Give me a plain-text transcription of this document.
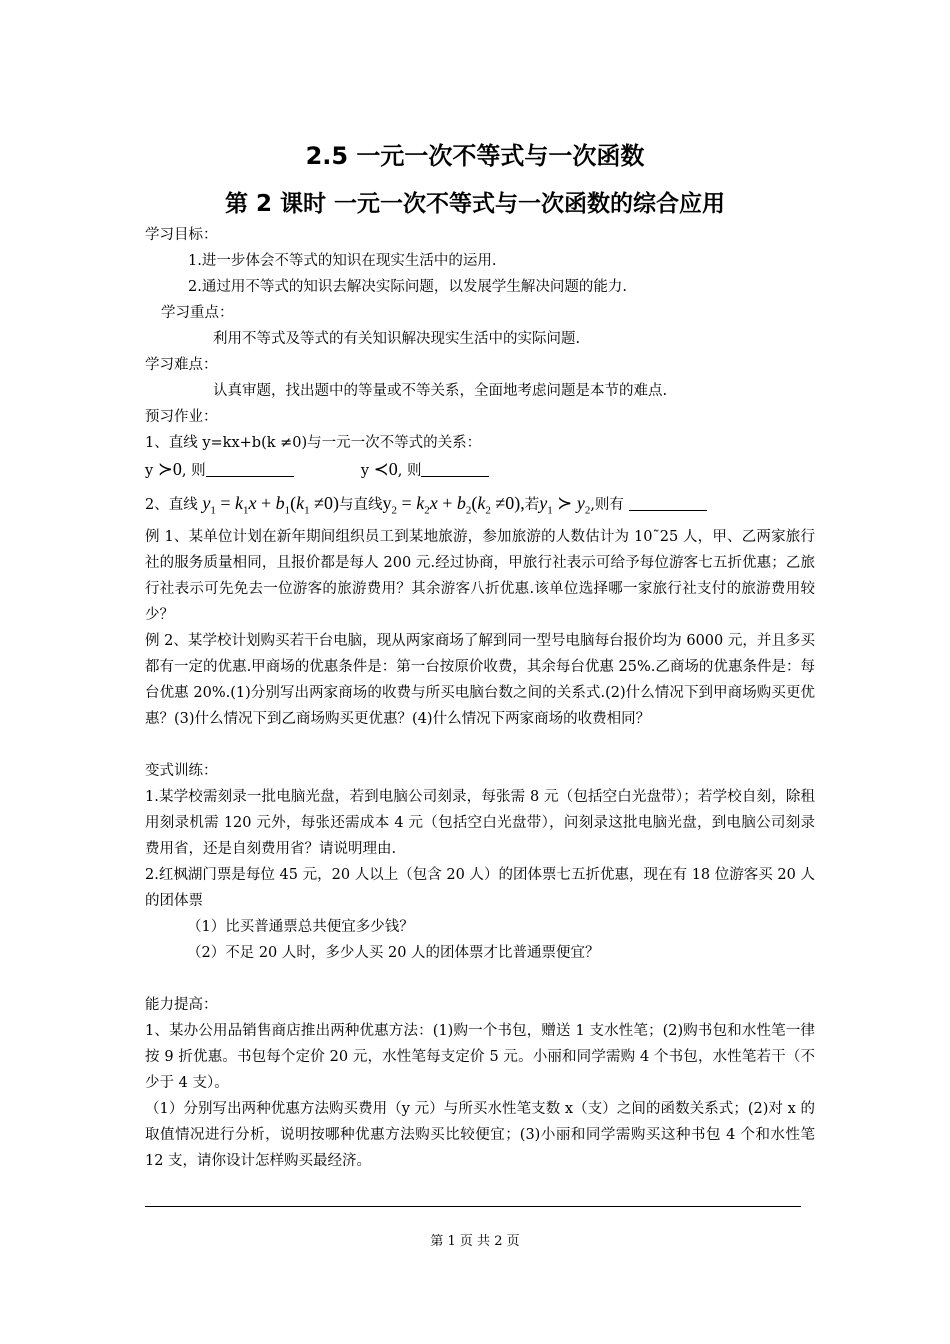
2.5 一元一次不等式与一次函数
第 2 课时 一元一次不等式与一次函数的综合应用

学习目标：

1.进一步体会不等式的知识在现实生活中的运用.

2.通过用不等式的知识去解决实际问题，以发展学生解决问题的能力.

学习重点：

利用不等式及等式的有关知识解决现实生活中的实际问题.

学习难点：

认真审题，找出题中的等量或不等关系，全面地考虑问题是本节的难点.

预习作业：

1、直线 y=kx+b(k ≠0)与一元一次不等式的关系：

y ≻0, 则	y ≺0, 则

2、直线 $y_1 = k_1x + b_1(k_1 \ne 0)$与直线$y_2 = k_2x + b_2(k_2 \ne 0)$,若$y_1$ ≻ $y_2$,则有

例 1、某单位计划在新年期间组织员工到某地旅游，参加旅游的人数估计为 10˜25 人，甲、乙两家旅行社的服务质量相同，且报价都是每人 200 元.经过协商，甲旅行社表示可给予每位游客七五折优惠；乙旅行社表示可先免去一位游客的旅游费用？其余游客八折优惠.该单位选择哪一家旅行社支付的旅游费用较少？

例 2、某学校计划购买若干台电脑，现从两家商场了解到同一型号电脑每台报价均为 6000 元，并且多买都有一定的优惠.甲商场的优惠条件是：第一台按原价收费，其余每台优惠 25%.乙商场的优惠条件是：每台优惠 20%.(1)分别写出两家商场的收费与所买电脑台数之间的关系式.(2)什么情况下到甲商场购买更优惠？(3)什么情况下到乙商场购买更优惠？(4)什么情况下两家商场的收费相同？

变式训练：

1.某学校需刻录一批电脑光盘，若到电脑公司刻录，每张需 8 元（包括空白光盘带）；若学校自刻，除租用刻录机需 120 元外，每张还需成本 4 元（包括空白光盘带），问刻录这批电脑光盘，到电脑公司刻录费用省，还是自刻费用省？请说明理由.

2.红枫湖门票是每位 45 元，20 人以上（包含 20 人）的团体票七五折优惠，现在有 18 位游客买 20 人的团体票

（1）比买普通票总共便宜多少钱？

（2）不足 20 人时，多少人买 20 人的团体票才比普通票便宜？

能力提高：

1、某办公用品销售商店推出两种优惠方法：(1)购一个书包，赠送 1 支水性笔；(2)购书包和水性笔一律按 9 折优惠。书包每个定价 20 元，水性笔每支定价 5 元。小丽和同学需购 4 个书包，水性笔若干（不少于 4 支）。

（1）分别写出两种优惠方法购买费用（y 元）与所买水性笔支数 x（支）之间的函数关系式；(2)对 x 的取值情况进行分析，说明按哪种优惠方法购买比较便宜；(3)小丽和同学需购买这种书包 4 个和水性笔 12 支，请你设计怎样购买最经济。

第 1 页 共 2 页
